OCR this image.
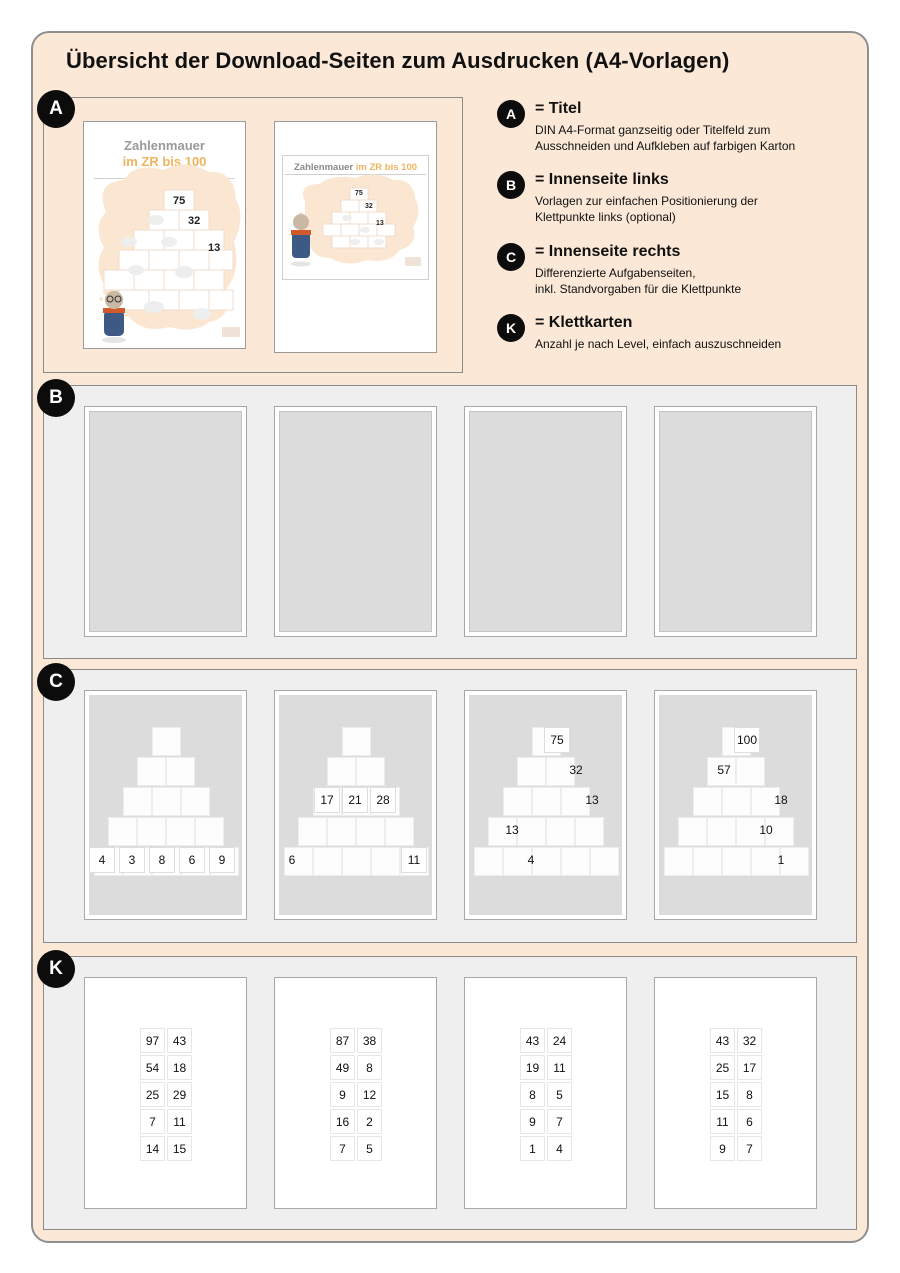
Übersicht der Download-Seiten zum Ausdrucken (A4-Vorlagen)
A
B
C
K
Zahlenmauer
im ZR bis 100
75
32
13
Zahlenmauer im ZR bis 100
75
32
13
A	= Titel
DIN A4-Format ganzseitig oder Titelfeld zum
Ausschneiden und Aufkleben auf farbigen Karton
B	= Innenseite links
Vorlagen zur einfachen Positionierung der
Klettpunkte links (optional)
C	= Innenseite rechts
Differenzierte Aufgabenseiten,
inkl. Standvorgaben für die Klettpunkte
K	= Klettkarten
Anzahl je nach Level, einfach auszuschneiden
4	3	8	6	9
17	21	28
6	11
75
32
13
13
4
100
57
18
10
1
97	43
54	18
25	29
7	11
14	15
87	38
49	8
9	12
16	2
7	5
43	24
19	11
8	5
9	7
1	4
43	32
25	17
15	8
11	6
9	7
